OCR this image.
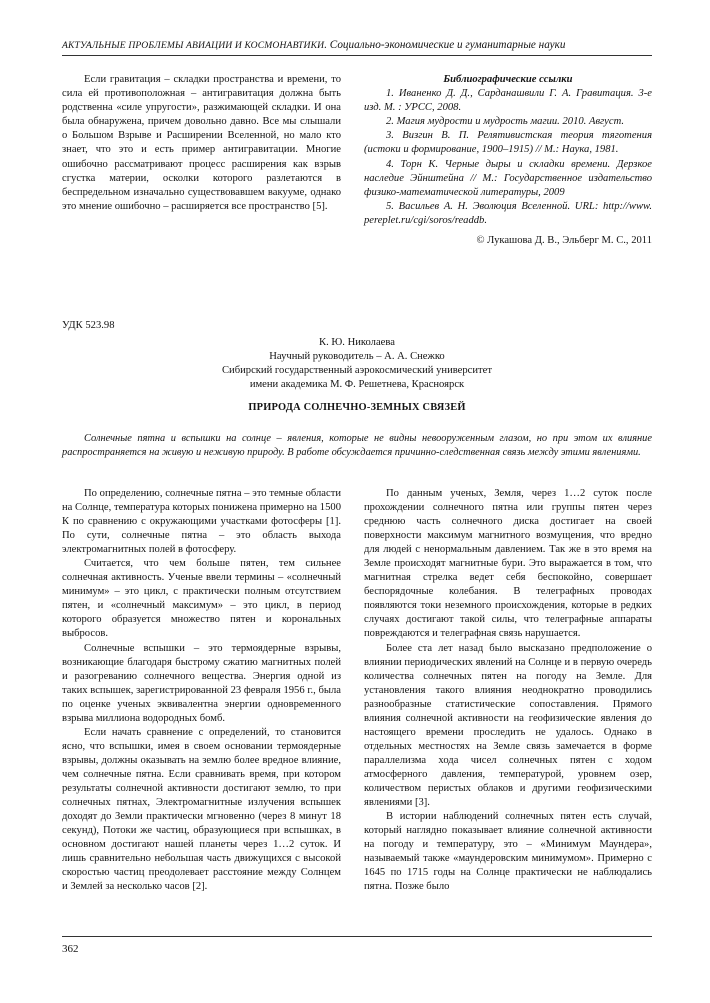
АКТУАЛЬНЫЕ ПРОБЛЕМЫ АВИАЦИИ И КОСМОНАВТИКИ. Социально-экономические и гуманитарные науки

Если гравитация – складки пространства и времени, то сила ей противоположная – антигравитация должна быть родственна «силе упругости», разжимающей складки. И она была обнаружена, причем довольно давно. Все мы слышали о Большом Взрыве и Расширении Вселенной, но мало кто знает, что это и есть пример антигравитации. Многие ошибочно рассматривают процесс расширения как взрыв сгустка материи, осколки которого разлетаются в беспредельном изначально существовавшем вакууме, однако это мнение ошибочно – расширяется все пространство [5].

Библиографические ссылки
1. Иваненко Д. Д., Сарданашвили Г. А. Гравитация. 3-е изд. М. : УРСС, 2008.
2. Магия мудрости и мудрость магии. 2010. Август.
3. Визгин В. П. Релятивистская теория тяготения (истоки и формирование, 1900–1915) // М.: Наука, 1981.
4. Торн К. Черные дыры и складки времени. Дерзкое наследие Эйнштейна // М.: Государственное издательство физико-математической литературы, 2009
5. Васильев А. Н. Эволюция Вселенной. URL: http://www. pereplet.ru/cgi/soros/readdb.
© Лукашова Д. В., Эльберг М. С., 2011
УДК 523.98
К. Ю. Николаева
Научный руководитель – А. А. Снежко
Сибирский государственный аэрокосмический университет
имени академика М. Ф. Решетнева, Красноярск
ПРИРОДА СОЛНЕЧНО-ЗЕМНЫХ СВЯЗЕЙ

Солнечные пятна и вспышки на солнце – явления, которые не видны невооруженным глазом, но при этом их влияние распространяется на живую и неживую природу. В работе обсуждается причинно-следственная связь между этими явлениями.

По определению, солнечные пятна – это темные области на Солнце, температура которых понижена примерно на 1500 К по сравнению с окружающими участками фотосферы [1]. По сути, солнечные пятна – это область выхода электромагнитных полей в фотосферу.

Считается, что чем больше пятен, тем сильнее солнечная активность. Ученые ввели термины – «солнечный минимум» – это цикл, с практически полным отсутствием пятен, и «солнечный максимум» – это цикл, в период которого образуется множество пятен и корональных выбросов.

Солнечные вспышки – это термоядерные взрывы, возникающие благодаря быстрому сжатию магнитных полей и разогреванию солнечного вещества. Энергия одной из таких вспышек, зарегистрированной 23 февраля 1956 г., была по оценке ученых эквивалентна энергии одновременного взрыва миллиона водородных бомб.

Если начать сравнение с определений, то становится ясно, что вспышки, имея в своем основании термоядерные взрывы, должны оказывать на землю более вредное влияние, чем солнечные пятна. Если сравнивать время, при котором результаты солнечной активности достигают землю, то при солнечных пятнах, Электромагнитные излучения вспышек доходят до Земли практически мгновенно (через 8 минут 18 секунд), Потоки же частиц, образующиеся при вспышках, в основном достигают нашей планеты через 1…2 суток. И лишь сравнительно небольшая часть движущихся с высокой скоростью частиц преодолевает расстояние между Солнцем и Землей за несколько часов [2].

По данным ученых, Земля, через 1…2 суток после прохождении солнечного пятна или группы пятен через среднюю часть солнечного диска достигает на своей поверхности максимум магнитного возмущения, что вредно для людей с ненормальным давлением. Так же в это время на Земле происходят магнитные бури. Это выражается в том, что магнитная стрелка ведет себя беспокойно, совершает беспорядочные колебания. В телеграфных проводах появляются токи неземного происхождения, которые в редких случаях достигают такой силы, что телеграфные аппараты повреждаются и телеграфная связь нарушается.

Более ста лет назад было высказано предположение о влиянии периодических явлений на Солнце и в первую очередь количества солнечных пятен на погоду на Земле. Для установления такого влияния неоднократно проводились разнообразные статистические сопоставления. Прямого влияния солнечной активности на геофизические явления до настоящего времени проследить не удалось. Однако в отдельных местностях на Земле связь замечается в форме параллелизма хода чисел солнечных пятен с ходом атмосферного давления, температурой, уровнем озер, количеством перистых облаков и другими геофизическими явлениями [3].

В истории наблюдений солнечных пятен есть случай, который наглядно показывает влияние солнечной активности на погоду и температуру, это – «Минимум Маундера», называемый также «маундеровским минимумом». Примерно с 1645 по 1715 годы на Солнце практически не наблюдались пятна. Позже было

362
